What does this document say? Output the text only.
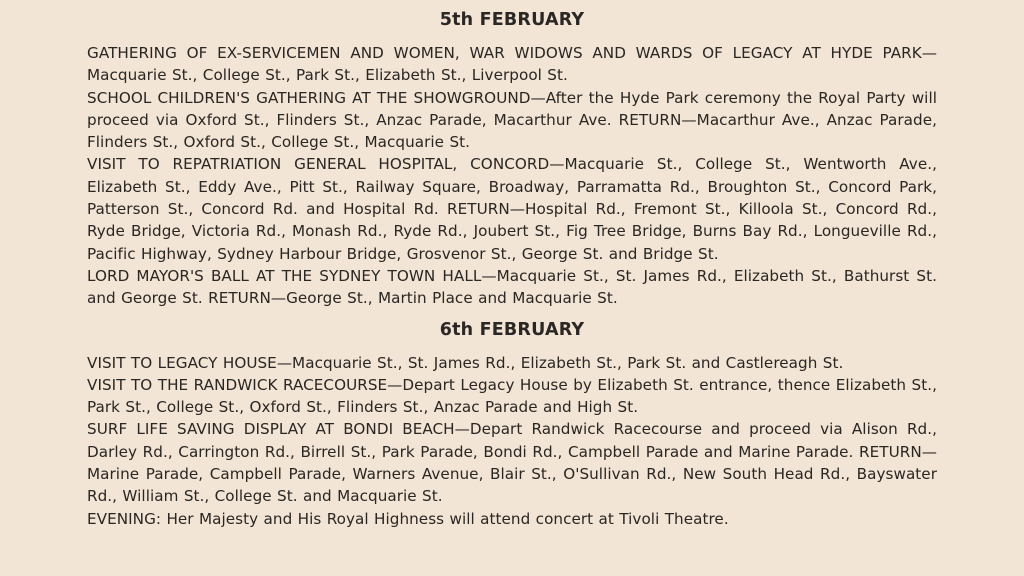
5th FEBRUARY

GATHERING OF EX-SERVICEMEN AND WOMEN, WAR WIDOWS AND WARDS OF LEGACY AT HYDE PARK—Macquarie St., College St., Park St., Elizabeth St., Liverpool St.

SCHOOL CHILDREN'S GATHERING AT THE SHOWGROUND—After the Hyde Park ceremony the Royal Party will proceed via Oxford St., Flinders St., Anzac Parade, Macarthur Ave. RETURN—Macarthur Ave., Anzac Parade, Flinders St., Oxford St., College St., Macquarie St.

VISIT TO REPATRIATION GENERAL HOSPITAL, CONCORD—Macquarie St., College St., Wentworth Ave., Elizabeth St., Eddy Ave., Pitt St., Railway Square, Broadway, Parramatta Rd., Broughton St., Concord Park, Patterson St., Concord Rd. and Hospital Rd. RETURN—Hospital Rd., Fremont St., Killoola St., Concord Rd., Ryde Bridge, Victoria Rd., Monash Rd., Ryde Rd., Joubert St., Fig Tree Bridge, Burns Bay Rd., Longueville Rd., Pacific Highway, Sydney Harbour Bridge, Grosvenor St., George St. and Bridge St.

LORD MAYOR'S BALL AT THE SYDNEY TOWN HALL—Macquarie St., St. James Rd., Elizabeth St., Bathurst St. and George St. RETURN—George St., Martin Place and Macquarie St.

6th FEBRUARY

VISIT TO LEGACY HOUSE—Macquarie St., St. James Rd., Elizabeth St., Park St. and Castlereagh St.

VISIT TO THE RANDWICK RACECOURSE—Depart Legacy House by Elizabeth St. entrance, thence Elizabeth St., Park St., College St., Oxford St., Flinders St., Anzac Parade and High St.

SURF LIFE SAVING DISPLAY AT BONDI BEACH—Depart Randwick Racecourse and proceed via Alison Rd., Darley Rd., Carrington Rd., Birrell St., Park Parade, Bondi Rd., Campbell Parade and Marine Parade. RETURN—Marine Parade, Campbell Parade, Warners Avenue, Blair St., O'Sullivan Rd., New South Head Rd., Bayswater Rd., William St., College St. and Macquarie St.

EVENING: Her Majesty and His Royal Highness will attend concert at Tivoli Theatre.
